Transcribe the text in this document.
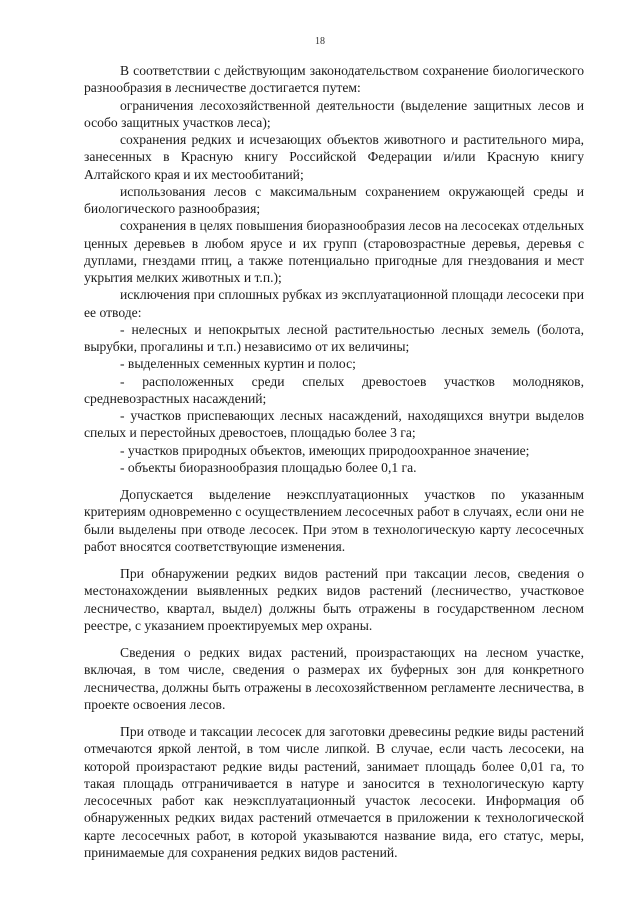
18

В соответствии с действующим законодательством сохранение биологического разнообразия в лесничестве достигается путем:

ограничения лесохозяйственной деятельности (выделение защитных лесов и особо защитных участков леса);

сохранения редких и исчезающих объектов животного и растительного мира, занесенных в Красную книгу Российской Федерации и/или Красную книгу Алтайского края и их местообитаний;

использования лесов с максимальным сохранением окружающей среды и биологического разнообразия;

сохранения в целях повышения биоразнообразия лесов на лесосеках отдельных ценных деревьев в любом ярусе и их групп (старовозрастные деревья, деревья с дуплами, гнездами птиц, а также потенциально пригодные для гнездования и мест укрытия мелких животных и т.п.);

исключения при сплошных рубках из эксплуатационной площади лесосеки при ее отводе:

- нелесных и непокрытых лесной растительностью лесных земель (болота, вырубки, прогалины и т.п.) независимо от их величины;

- выделенных семенных куртин и полос;

- расположенных среди спелых древостоев участков молодняков, средневозрастных насаждений;

- участков приспевающих лесных насаждений, находящихся внутри выделов спелых и перестойных древостоев, площадью более 3 га;

- участков природных объектов, имеющих природоохранное значение;

- объекты биоразнообразия площадью более 0,1 га.

Допускается выделение неэксплуатационных участков по указанным критериям одновременно с осуществлением лесосечных работ в случаях, если они не были выделены при отводе лесосек. При этом в технологическую карту лесосечных работ вносятся соответствующие изменения.

При обнаружении редких видов растений при таксации лесов, сведения о местонахождении выявленных редких видов растений (лесничество, участковое лесничество, квартал, выдел) должны быть отражены в государственном лесном реестре, с указанием проектируемых мер охраны.

Сведения о редких видах растений, произрастающих на лесном участке, включая, в том числе, сведения о размерах их буферных зон для конкретного лесничества, должны быть отражены в лесохозяйственном регламенте лесничества, в проекте освоения лесов.

При отводе и таксации лесосек для заготовки древесины редкие виды растений отмечаются яркой лентой, в том числе липкой. В случае, если часть лесосеки, на которой произрастают редкие виды растений, занимает площадь более 0,01 га, то такая площадь отграничивается в натуре и заносится в технологическую карту лесосечных работ как неэксплуатационный участок лесосеки. Информация об обнаруженных редких видах растений отмечается в приложении к технологической карте лесосечных работ, в которой указываются название вида, его статус, меры, принимаемые для сохранения редких видов растений.
